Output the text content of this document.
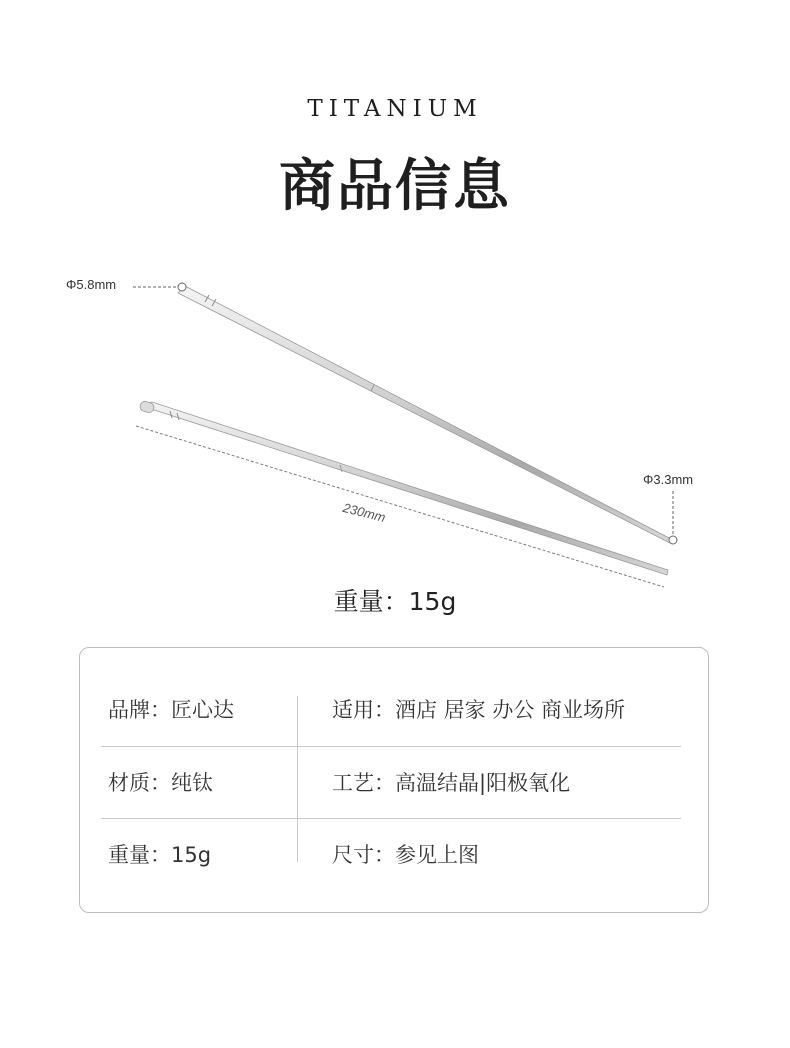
TITANIUM
商品信息
Φ5.8mm
Φ3.3mm
230mm
重量：15g
品牌：匠心达	适用：酒店 居家 办公 商业场所
材质：纯钛	工艺：高温结晶|阳极氧化
重量：15g	尺寸：参见上图
